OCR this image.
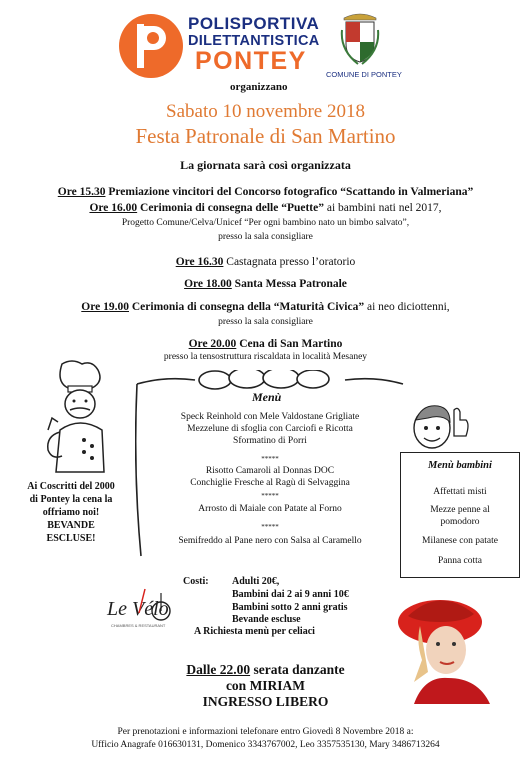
POLISPORTIVA
DILETTANTISTICA
PONTEY
organizzano
COMUNE DI PONTEY
Sabato 10 novembre 2018
Festa Patronale di San Martino
La giornata sarà così organizzata
Ore 15.30 Premiazione vincitori del Concorso fotografico “Scattando in Valmeriana”
Ore 16.00 Cerimonia di consegna delle “Puette” ai bambini nati nel 2017,
Progetto Comune/Celva/Unicef “Per ogni bambino nato un bimbo salvato”,
presso la sala consigliare
Ore 16.30 Castagnata presso l’oratorio
Ore 18.00 Santa Messa Patronale
Ore 19.00 Cerimonia di consegna della “Maturità Civica” ai neo diciottenni,
presso la sala consigliare
Ore 20.00 Cena di San Martino
presso la tensostruttura riscaldata in località Mesaney
Menù
Speck Reinhold con Mele Valdostane Grigliate
Mezzelune di sfoglia con Carciofi e Ricotta
Sformatino di Porri
*****
Risotto Camaroli al Donnas DOC
Conchiglie Fresche al Ragù di Selvaggina
*****
Arrosto di Maiale con Patate al Forno
*****
Semifreddo al Pane nero con Salsa al Caramello
Ai Coscritti del 2000
di Pontey la cena la
offriamo noi!
BEVANDE
ESCLUSE!
Menù bambini
Affettati misti
Mezze penne al
pomodoro
Milanese con patate
Panna cotta
Le Vélo
CHAMBRES & RESTAURANT
Costi: Adulti 20€,
Bambini dai 2 ai 9 anni 10€
Bambini sotto 2 anni gratis
Bevande escluse
A Richiesta menù per celiaci
Dalle 22.00 serata danzante
con MIRIAM
INGRESSO LIBERO
Per prenotazioni e informazioni telefonare entro Giovedì 8 Novembre 2018 a:
Ufficio Anagrafe 016630131, Domenico 3343767002, Leo 3357535130, Mary 3486713264
